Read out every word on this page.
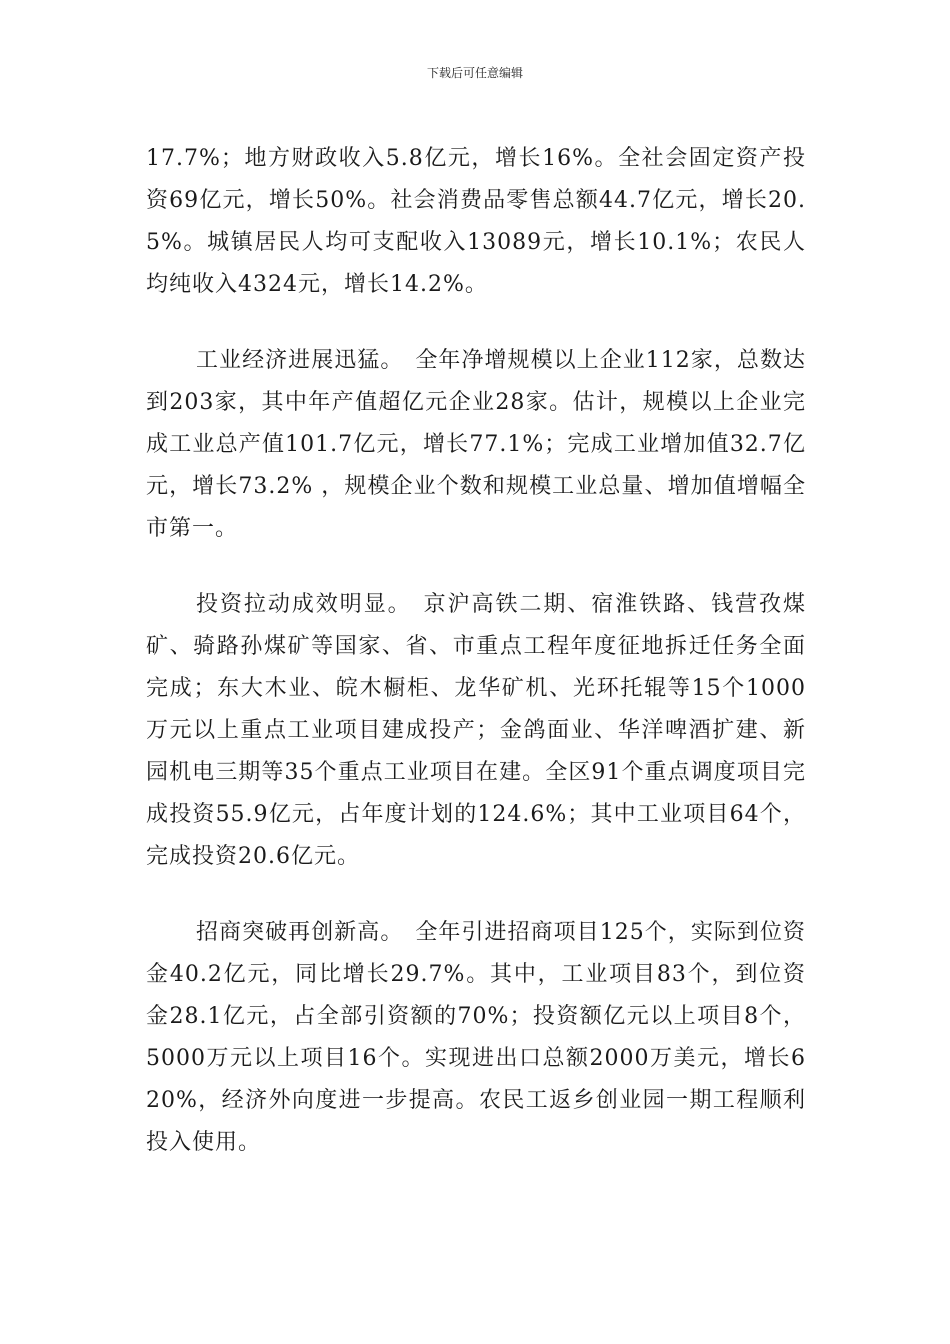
下载后可任意编辑

17.7%；地方财政收入5.8亿元，增长16%。全社会固定资产投资69亿元，增长50%。社会消费品零售总额44.7亿元，增长20.5%。城镇居民人均可支配收入13089元，增长10.1%；农民人均纯收入4324元，增长14.2%。

工业经济进展迅猛。 全年净增规模以上企业112家，总数达到203家，其中年产值超亿元企业28家。估计，规模以上企业完成工业总产值101.7亿元，增长77.1%；完成工业增加值32.7亿元，增长73.2% ，规模企业个数和规模工业总量、增加值增幅全市第一。

投资拉动成效明显。 京沪高铁二期、宿淮铁路、钱营孜煤矿、骑路孙煤矿等国家、省、市重点工程年度征地拆迁任务全面完成；东大木业、皖木橱柜、龙华矿机、光环托辊等15个1000万元以上重点工业项目建成投产；金鸽面业、华洋啤酒扩建、新园机电三期等35个重点工业项目在建。全区91个重点调度项目完成投资55.9亿元，占年度计划的124.6%；其中工业项目64个，完成投资20.6亿元。

招商突破再创新高。 全年引进招商项目125个，实际到位资金40.2亿元，同比增长29.7%。其中，工业项目83个，到位资金28.1亿元，占全部引资额的70%；投资额亿元以上项目8个，5000万元以上项目16个。实现进出口总额2000万美元，增长620%，经济外向度进一步提高。农民工返乡创业园一期工程顺利投入使用。
